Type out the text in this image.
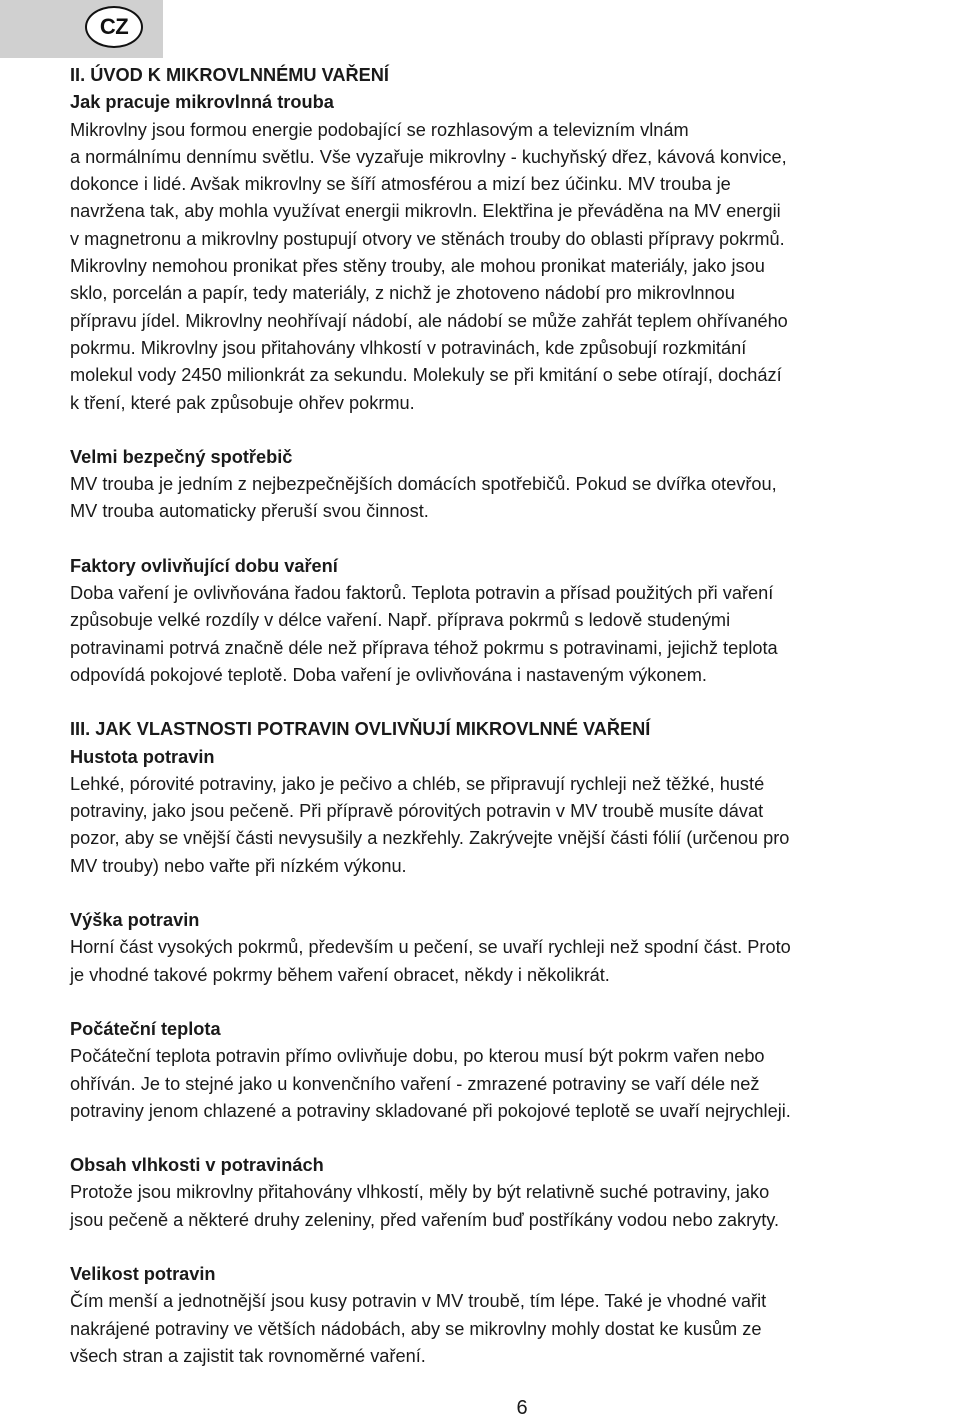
CZ

II. ÚVOD K MIKROVLNNÉMU VAŘENÍ

Jak pracuje mikrovlnná trouba

Mikrovlny jsou formou energie podobající se rozhlasovým a televizním vlnám

a normálnímu dennímu světlu. Vše vyzařuje mikrovlny - kuchyňský dřez, kávová konvice,

dokonce i lidé. Avšak mikrovlny se šíří atmosférou a mizí bez účinku. MV trouba je

navržena tak, aby mohla využívat energii mikrovln. Elektřina je převáděna na MV energii

v magnetronu a mikrovlny postupují otvory ve stěnách trouby do oblasti přípravy pokrmů.

Mikrovlny nemohou pronikat přes stěny trouby, ale mohou pronikat materiály, jako jsou

sklo, porcelán a papír, tedy materiály, z nichž je zhotoveno nádobí pro mikrovlnnou

přípravu jídel. Mikrovlny neohřívají nádobí, ale nádobí se může zahřát teplem ohřívaného

pokrmu. Mikrovlny jsou přitahovány vlhkostí v potravinách, kde způsobují rozkmitání

molekul vody 2450 milionkrát za sekundu. Molekuly se při kmitání o sebe otírají, dochází

k tření, které pak způsobuje ohřev pokrmu.

Velmi bezpečný spotřebič

MV trouba je jedním z nejbezpečnějších domácích spotřebičů. Pokud se dvířka otevřou,

MV trouba automaticky přeruší svou činnost.

Faktory ovlivňující dobu vaření

Doba vaření je ovlivňována řadou faktorů. Teplota potravin a přísad použitých při vaření

způsobuje velké rozdíly v délce vaření. Např. příprava pokrmů s ledově studenými

potravinami potrvá značně déle než příprava téhož pokrmu s potravinami, jejichž teplota

odpovídá pokojové teplotě. Doba vaření je ovlivňována i nastaveným výkonem.

III. JAK VLASTNOSTI POTRAVIN OVLIVŇUJÍ MIKROVLNNÉ VAŘENÍ

Hustota potravin

Lehké, pórovité potraviny, jako je pečivo a chléb, se připravují rychleji než těžké, husté

potraviny, jako jsou pečeně. Při přípravě pórovitých potravin v MV troubě musíte dávat

pozor, aby se vnější části nevysušily a nezkřehly. Zakrývejte vnější části fólií (určenou pro

MV trouby) nebo vařte při nízkém výkonu.

Výška potravin

Horní část vysokých pokrmů, především u pečení, se uvaří rychleji než spodní část. Proto

je vhodné takové pokrmy během vaření obracet, někdy i několikrát.

Počáteční teplota

Počáteční teplota potravin přímo ovlivňuje dobu, po kterou musí být pokrm vařen nebo

ohříván. Je to stejné jako u konvenčního vaření - zmrazené potraviny se vaří déle než

potraviny jenom chlazené a potraviny skladované při pokojové teplotě se uvaří nejrychleji.

Obsah vlhkosti v potravinách

Protože jsou mikrovlny přitahovány vlhkostí, měly by být relativně suché potraviny, jako

jsou pečeně a některé druhy zeleniny, před vařením buď postříkány vodou nebo zakryty.

Velikost potravin

Čím menší a jednotnější jsou kusy potravin v MV troubě, tím lépe. Také je vhodné vařit

nakrájené potraviny ve větších nádobách, aby se mikrovlny mohly dostat ke kusům ze

všech stran a zajistit tak rovnoměrné vaření.

6
